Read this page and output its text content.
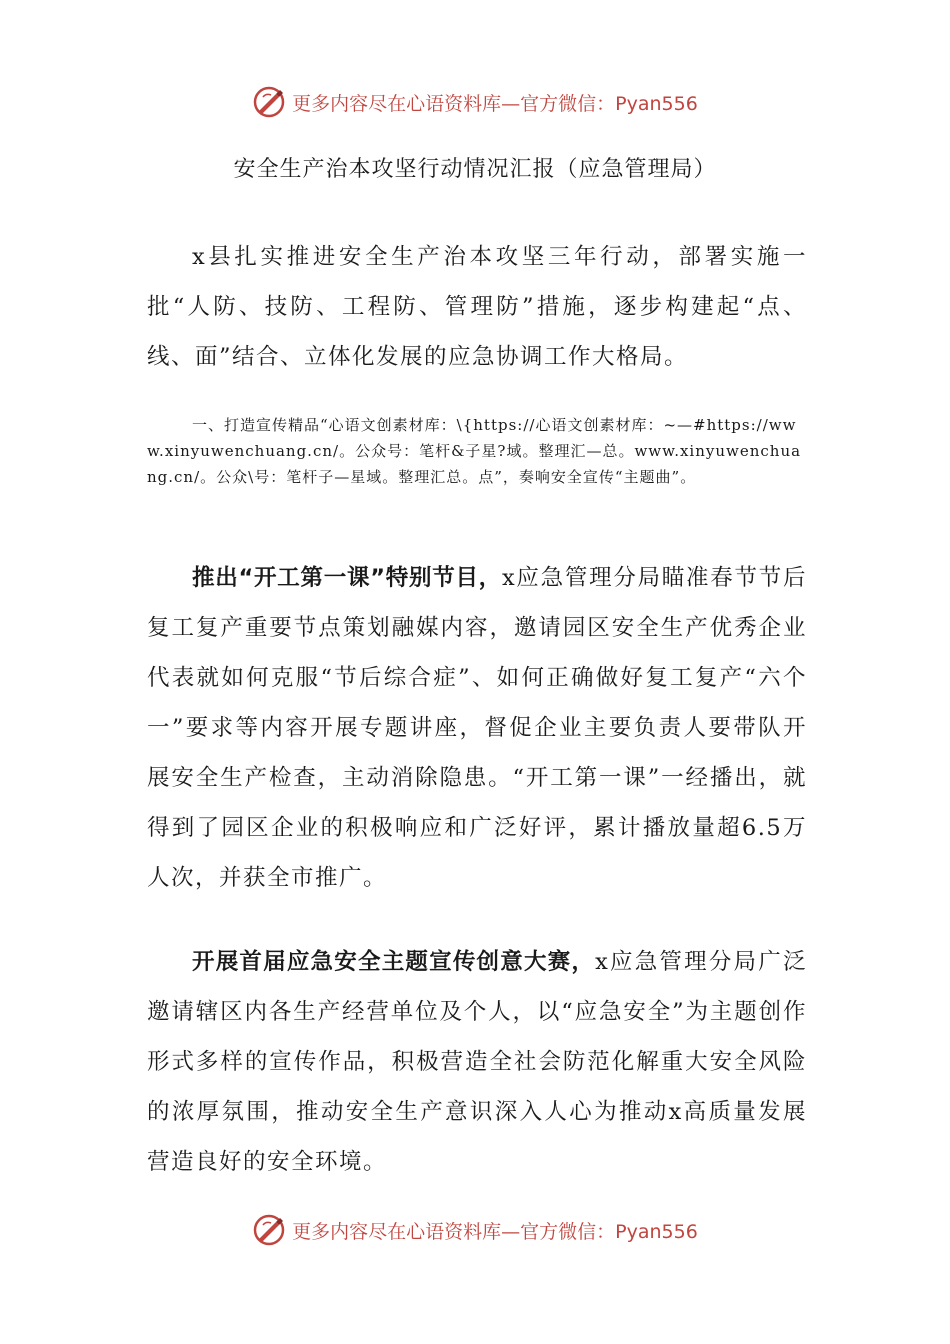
更多内容尽在心语资料库—官方微信：Pyan556
安全生产治本攻坚行动情况汇报（应急管理局）
x县扎实推进安全生产治本攻坚三年行动，部署实施一批“人防、技防、工程防、管理防”措施，逐步构建起“点、线、面”结合、立体化发展的应急协调工作大格局。
一、打造宣传精品“心语文创素材库：\{https://心语文创素材库：~—#https://www.xinyuwenchuang.cn/。公众号：笔杆&子星?域。整理汇—总。www.xinyuwenchuang.cn/。公众\号：笔杆子—星域。整理汇总。点”，奏响安全宣传“主题曲”。
推出“开工第一课”特别节目，x应急管理分局瞄准春节节后复工复产重要节点策划融媒内容，邀请园区安全生产优秀企业代表就如何克服“节后综合症”、如何正确做好复工复产“六个一”要求等内容开展专题讲座，督促企业主要负责人要带队开展安全生产检查，主动消除隐患。“开工第一课”一经播出，就得到了园区企业的积极响应和广泛好评，累计播放量超6.5万人次，并获全市推广。
开展首届应急安全主题宣传创意大赛，x应急管理分局广泛邀请辖区内各生产经营单位及个人，以“应急安全”为主题创作形式多样的宣传作品，积极营造全社会防范化解重大安全风险的浓厚氛围，推动安全生产意识深入人心为推动x高质量发展营造良好的安全环境。
更多内容尽在心语资料库—官方微信：Pyan556
